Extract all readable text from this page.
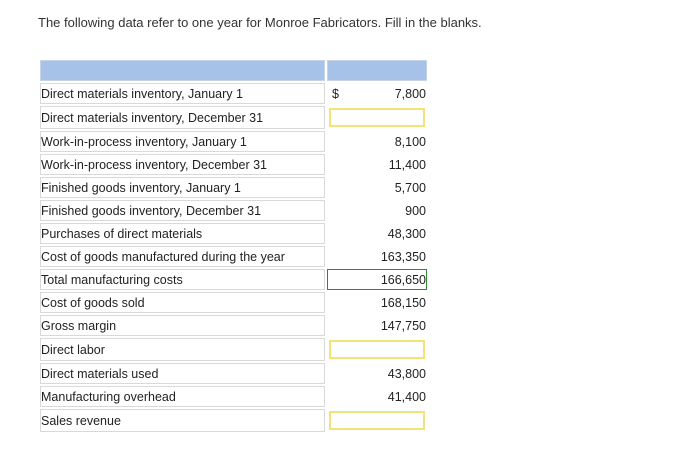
The following data refer to one year for Monroe Fabricators. Fill in the blanks.

Direct materials inventory, January 1	$ 7,800
Direct materials inventory, December 31	

Work-in-process inventory, January 1	8,100
Work-in-process inventory, December 31	11,400
Finished goods inventory, January 1	5,700
Finished goods inventory, December 31	900
Purchases of direct materials	48,300
Cost of goods manufactured during the year	163,350
Total manufacturing costs	166,650
Cost of goods sold	168,150
Gross margin	147,750
Direct labor	

Direct materials used	43,800
Manufacturing overhead	41,400
Sales revenue	
